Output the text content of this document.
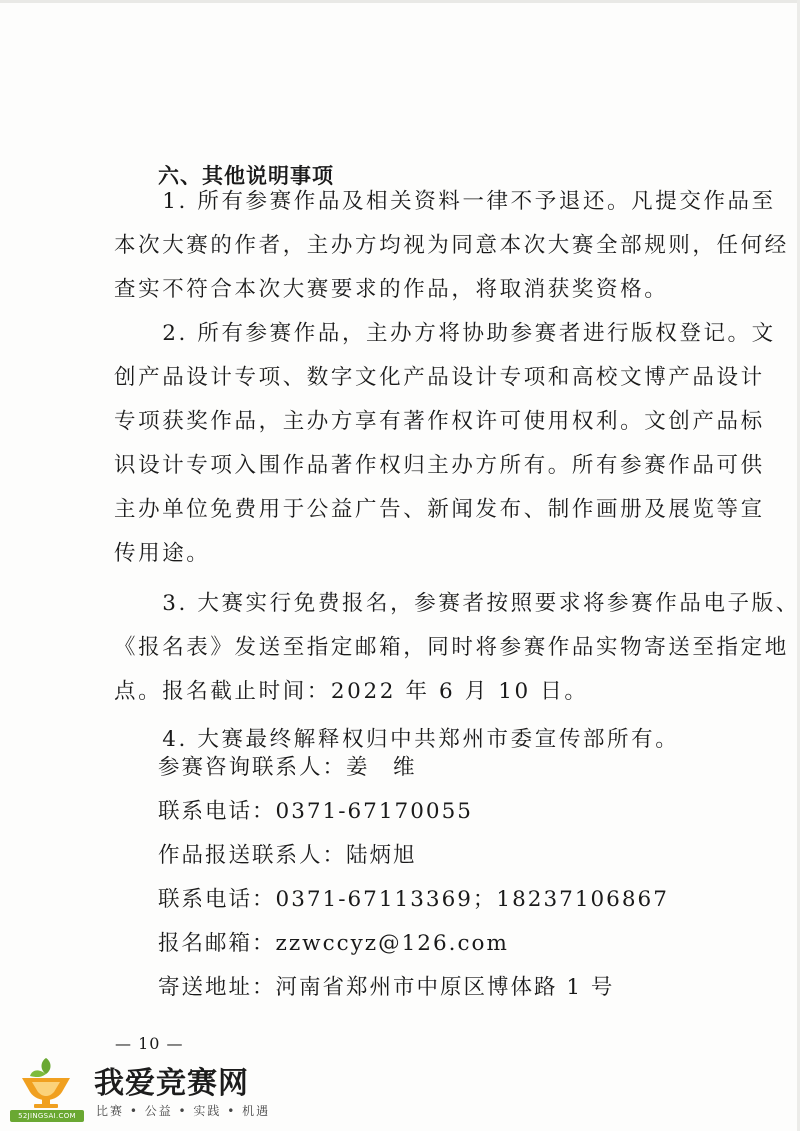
六、其他说明事项
　　1. 所有参赛作品及相关资料一律不予退还。凡提交作品至
本次大赛的作者，主办方均视为同意本次大赛全部规则，任何经
查实不符合本次大赛要求的作品，将取消获奖资格。
　　2. 所有参赛作品，主办方将协助参赛者进行版权登记。文
创产品设计专项、数字文化产品设计专项和高校文博产品设计
专项获奖作品，主办方享有著作权许可使用权利。文创产品标
识设计专项入围作品著作权归主办方所有。所有参赛作品可供
主办单位免费用于公益广告、新闻发布、制作画册及展览等宣
传用途。
　　3. 大赛实行免费报名，参赛者按照要求将参赛作品电子版、
《报名表》发送至指定邮箱，同时将参赛作品实物寄送至指定地
点。报名截止时间：2022 年 6 月 10 日。
　　4. 大赛最终解释权归中共郑州市委宣传部所有。
参赛咨询联系人：姜　维
联系电话：0371-67170055
作品报送联系人：陆炳旭
联系电话：0371-67113369；18237106867
报名邮箱：zzwccyz@126.com
寄送地址：河南省郑州市中原区博体路 1 号
— 10 —
52JINGSAI.COM
我爱竞赛网
比赛 • 公益 • 实践 • 机遇
